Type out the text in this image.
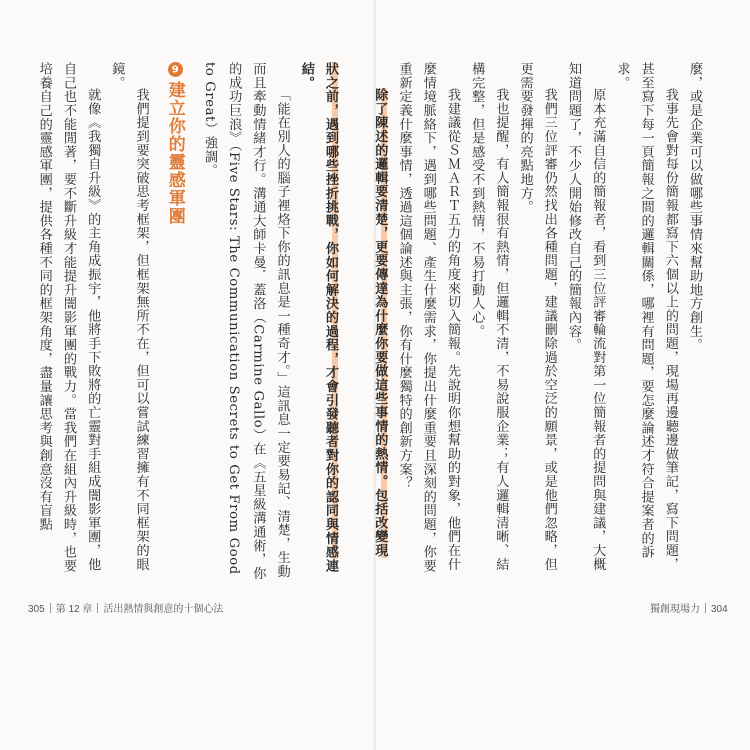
狀之前，遇到哪些挫折挑戰，你如何解決的過程，才會引發聽者對你的認同與情感連結。

「能在別人的腦子裡烙下你的訊息是一種奇才。」這訊息一定要易記、清楚，生動而且牽動情緒才行。溝通大師卡曼．蓋洛（Carmine Gallo）在《五星級溝通術，你的成功巨浪》（Five Stars: The Communication Secrets to Get From Good to Great）強調。

9建立你的靈感軍團

我們提到要突破思考框架，但框架無所不在，但可以嘗試練習擁有不同框架的眼鏡。

就像《我獨自升級》的主角成振宇，他將手下敗將的亡靈對手組成闇影軍團，他自己也不能閒著，要不斷升級才能提升闇影軍團的戰力。當我們在組內升級時，也要培養自己的靈感軍團，提供各種不同的框架角度，盡量讓思考與創意沒有盲點

305 第 12 章 活出熱情與創意的十個心法	獨創現場力 304

麼，或是企業可以做哪些事情來幫助地方創生。

我事先會對每份簡報都寫下六個以上的問題，現場再邊聽邊做筆記，寫下問題，甚至寫下每一頁簡報之間的邏輯關係，哪裡有問題，要怎麼論述才符合提案者的訴求。

原本充滿自信的簡報者，看到三位評審輪流對第一位簡報者的提問與建議，大概知道問題了，不少人開始修改自己的簡報內容。

我們三位評審仍然找出各種問題，建議刪除過於空泛的願景，或是他們忽略，但更需要發揮的亮點地方。

我也提醒，有人簡報很有熱情，但邏輯不清，不易說服企業；有人邏輯清晰、結構完整，但是感受不到熱情，不易打動人心。

我建議從ＳＭＡＲＴ五力的角度來切入簡報。先說明你想幫助的對象，他們在什麼情境脈絡下，遇到哪些問題、產生什麼需求，你提出什麼重要且深刻的問題，你要重新定義什麼事情，透過這個論述與主張，你有什麼獨特的創新方案？

除了陳述的邏輯要清楚，更要傳達為什麼你要做這些事情的熱情。包括改變現
